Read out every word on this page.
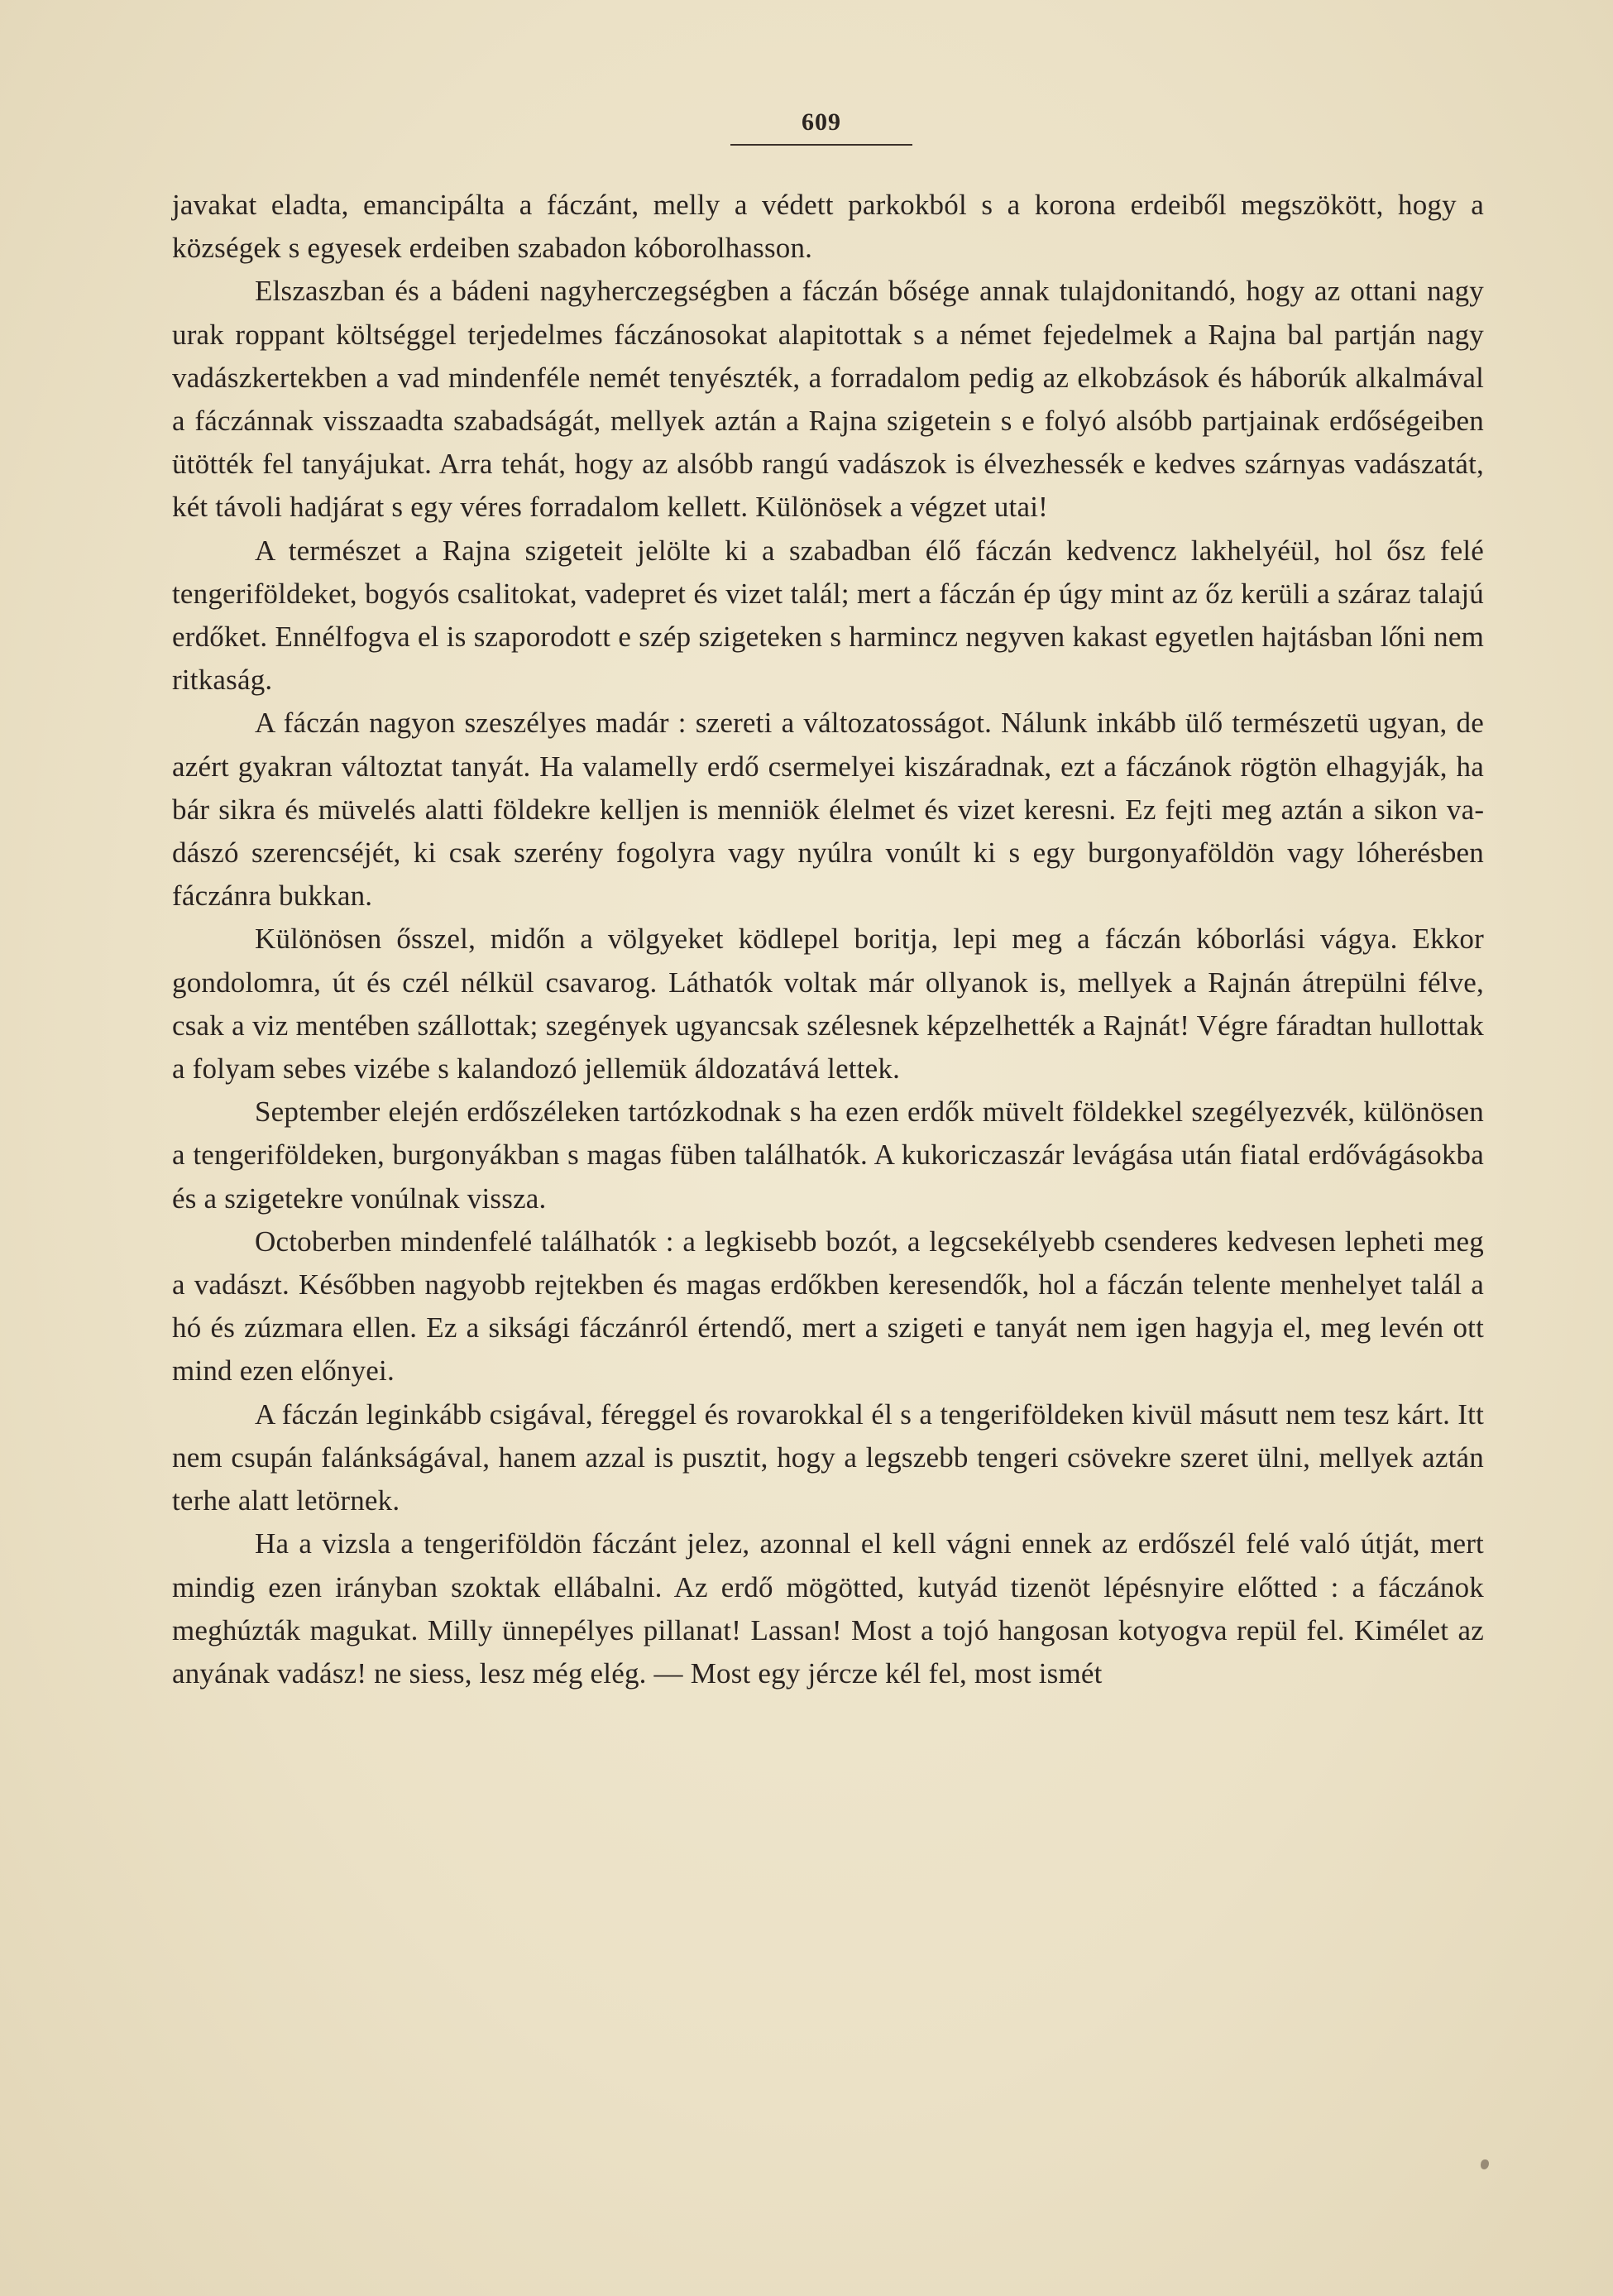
609

javakat eladta, emancipálta a fáczánt, melly a védett parkokból s a korona erdeiből megszökött, hogy a községek s egyesek erdeiben szabadon kóborolhasson.

Elszaszban és a bádeni nagyherczegségben a fáczán bősége annak tulajdonitandó, hogy az ottani nagy urak roppant költséggel terjedelmes fáczánosokat alapitottak s a német fejedelmek a Rajna bal partján nagy vadászkertekben a vad mindenféle nemét tenyészték, a forradalom pedig az elkobzások és háborúk alkalmával a fáczánnak visszaadta szabadságát, mellyek aztán a Rajna szigetein s e folyó alsóbb partjainak erdőségeiben ütötték fel tanyájukat. Arra tehát, hogy az alsóbb rangú vadászok is élvezhessék e kedves szárnyas vadászatát, két távoli hadjárat s egy véres forradalom kellett. Különösek a végzet utai!

A természet a Rajna szigeteit jelölte ki a szabadban élő fáczán kedvencz lakhelyéül, hol ősz felé tengeriföldeket, bogyós csalitokat, vadepret és vizet talál; mert a fáczán ép úgy mint az őz kerüli a száraz talajú erdőket. Ennélfogva el is szaporodott e szép szigeteken s harmincz negyven kakast egyetlen hajtásban lőni nem ritkaság.

A fáczán nagyon szeszélyes madár : szereti a változatosságot. Nálunk inkább ülő természetü ugyan, de azért gyakran változtat tanyát. Ha valamelly erdő csermelyei kiszáradnak, ezt a fáczánok rögtön elhagyják, ha bár sikra és müvelés alatti földekre kelljen is menniök élelmet és vizet keresni. Ez fejti meg aztán a sikon vadászó szerencséjét, ki csak szerény fogolyra vagy nyúlra vonúlt ki s egy burgonyaföldön vagy lóherésben fáczánra bukkan.

Különösen ősszel, midőn a völgyeket ködlepel boritja, lepi meg a fáczán kóborlási vágya. Ekkor gondolomra, út és czél nélkül csavarog. Láthatók voltak már ollyanok is, mellyek a Rajnán átrepülni félve, csak a viz mentében szállottak; szegények ugyancsak szélesnek képzelhették a Rajnát! Végre fáradtan hullottak a folyam sebes vizébe s kalandozó jellemük áldozatává lettek.

September elején erdőszéleken tartózkodnak s ha ezen erdők müvelt földekkel szegélyezvék, különösen a tengeriföldeken, burgonyákban s magas füben találhatók. A kukoriczaszár levágása után fiatal erdővágásokba és a szigetekre vonúlnak vissza.

Octoberben mindenfelé találhatók : a legkisebb bozót, a legcsekélyebb csenderes kedvesen lepheti meg a vadászt. Későbben nagyobb rejtekben és magas erdőkben keresendők, hol a fáczán telente menhelyet talál a hó és zúzmara ellen. Ez a siksági fáczánról értendő, mert a szigeti e tanyát nem igen hagyja el, meg levén ott mind ezen előnyei.

A fáczán leginkább csigával, féreggel és rovarokkal él s a tengeriföldeken kivül másutt nem tesz kárt. Itt nem csupán falánkságával, hanem azzal is pusztit, hogy a legszebb tengeri csövekre szeret ülni, mellyek aztán terhe alatt letörnek.

Ha a vizsla a tengeriföldön fáczánt jelez, azonnal el kell vágni ennek az erdőszél felé való útját, mert mindig ezen irányban szoktak ellábalni. Az erdő mögötted, kutyád tizenöt lépésnyire előtted : a fáczánok meghúzták magukat. Milly ünnepélyes pillanat! Lassan! Most a tojó hangosan kotyogva repül fel. Kimélet az anyának vadász! ne siess, lesz még elég. — Most egy jércze kél fel, most ismét
